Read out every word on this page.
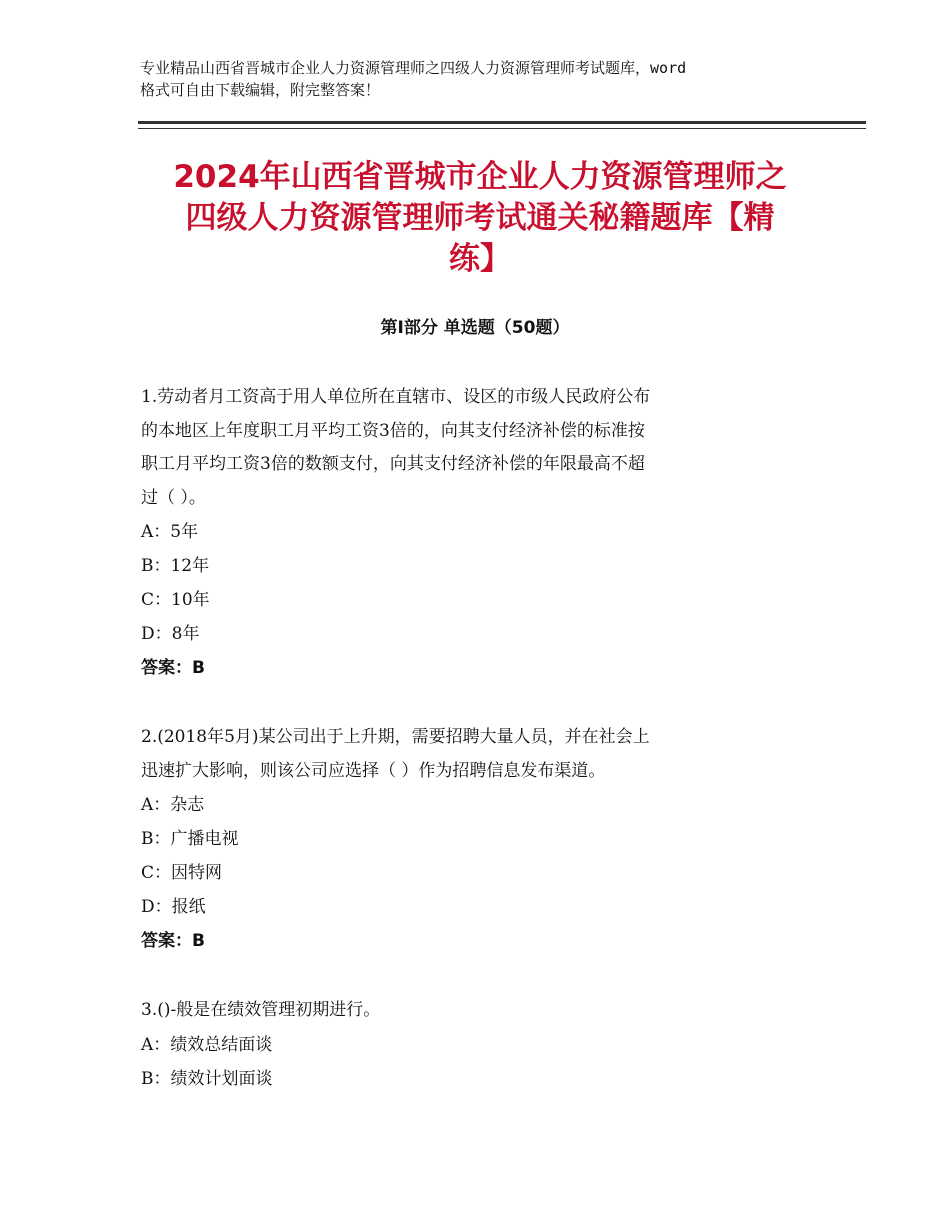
专业精品山西省晋城市企业人力资源管理师之四级人力资源管理师考试题库，word
格式可自由下载编辑，附完整答案！
2024年山西省晋城市企业人力资源管理师之
四级人力资源管理师考试通关秘籍题库【精
练】
第Ⅰ部分 单选题（50题）

1.劳动者月工资高于用人单位所在直辖市、设区的市级人民政府公布

的本地区上年度职工月平均工资3倍的，向其支付经济补偿的标准按

职工月平均工资3倍的数额支付，向其支付经济补偿的年限最高不超

过（ ）。

A：5年

B：12年

C：10年

D：8年

答案：B

2.(2018年5月)某公司出于上升期，需要招聘大量人员，并在社会上

迅速扩大影响，则该公司应选择（ ）作为招聘信息发布渠道。

A：杂志

B：广播电视

C：因特网

D：报纸

答案：B

3.()-般是在绩效管理初期进行。

A：绩效总结面谈

B：绩效计划面谈
